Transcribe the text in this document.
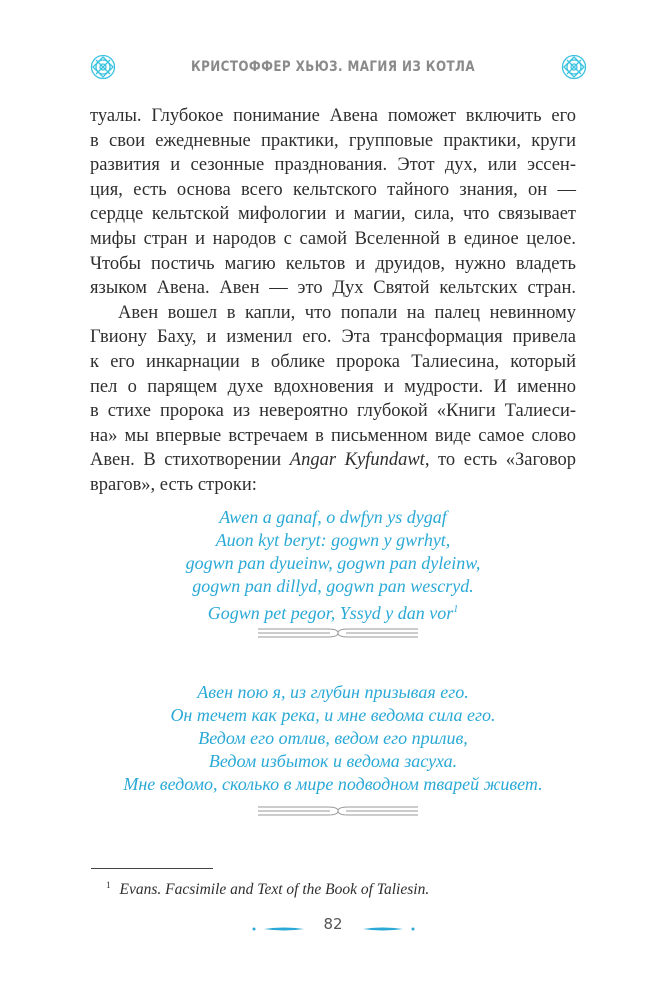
КРИСТОФФЕР ХЬЮЗ. МАГИЯ ИЗ КОТЛА
туалы. Глубокое понимание Авена поможет включить его
в свои ежедневные практики, групповые практики, круги
развития и сезонные празднования. Этот дух, или эссен-
ция, есть основа всего кельтского тайного знания, он —
сердце кельтской мифологии и магии, сила, что связывает
мифы стран и народов с самой Вселенной в единое целое.
Чтобы постичь магию кельтов и друидов, нужно владеть
языком Авена. Авен — это Дух Святой кельтских стран.
Авен вошел в капли, что попали на палец невинному
Гвиону Баху, и изменил его. Эта трансформация привела
к его инкарнации в облике пророка Талиесина, который
пел о парящем духе вдохновения и мудрости. И именно
в стихе пророка из невероятно глубокой «Книги Талиеси-
на» мы впервые встречаем в письменном виде самое слово
Авен. В стихотворении Angar Kyfundawt, то есть «Заговор
врагов», есть строки:
Awen a ganaf, o dwfyn ys dygaf
Auon kyt beryt: gogwn y gwrhyt,
gogwn pan dyueinw, gogwn pan dyleinw,
gogwn pan dillyd, gogwn pan wescryd.
Gogwn pet pegor, Yssyd y dan vor$^1$
Авен пою я, из глубин призывая его.
Он течет как река, и мне ведома сила его.
Ведом его отлив, ведом его прилив,
Ведом избыток и ведома засуха.
Мне ведомо, сколько в мире подводном тварей живет.
$^1$ Evans. Facsimile and Text of the Book of Taliesin.
82
